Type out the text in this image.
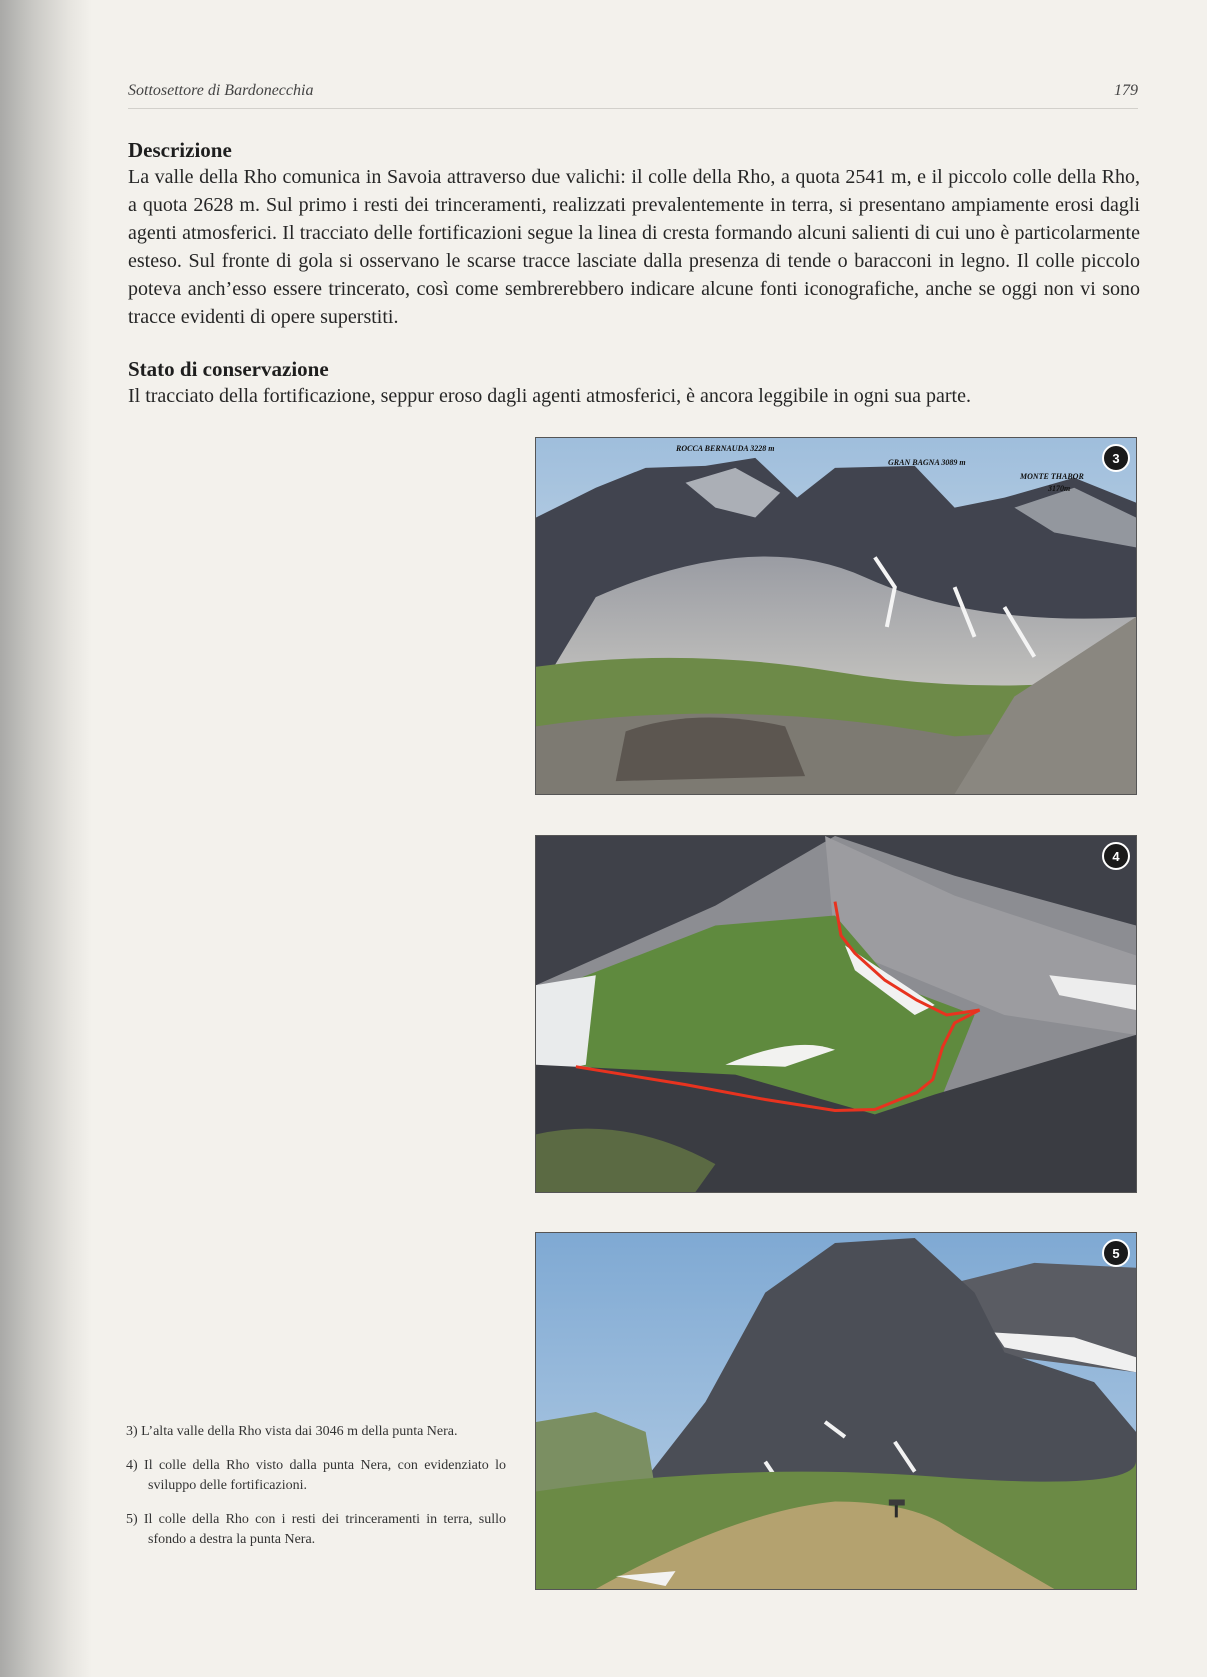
Sottosettore di Bardonecchia	179
Descrizione

La valle della Rho comunica in Savoia attraverso due valichi: il colle della Rho, a quota 2541 m, e il piccolo colle della Rho, a quota 2628 m. Sul primo i resti dei trinceramenti, realizzati prevalentemente in terra, si presentano ampiamente erosi dagli agenti atmosferici. Il tracciato delle fortificazioni segue la linea di cresta formando alcuni salienti di cui uno è particolarmente esteso. Sul fronte di gola si osservano le scarse tracce lasciate dalla presenza di tende o baracconi in legno. Il colle piccolo poteva anch’esso essere trincerato, così come sembrerebbero indicare alcune fonti iconografiche, anche se oggi non vi sono tracce evidenti di opere superstiti.

Stato di conservazione

Il tracciato della fortificazione, seppur eroso dagli agenti atmosferici, è ancora leggibile in ogni sua parte.

ROCCA BERNAUDA 3228 m
GRAN BAGNA 3089 m
MONTE THABOR
3170m
3
4
5
3) L’alta valle della Rho vista dai 3046 m della punta Nera.
4) Il colle della Rho visto dalla punta Nera, con evidenziato lo sviluppo delle fortificazioni.
5) Il colle della Rho con i resti dei trinceramenti in terra, sullo sfondo a destra la punta Nera.
